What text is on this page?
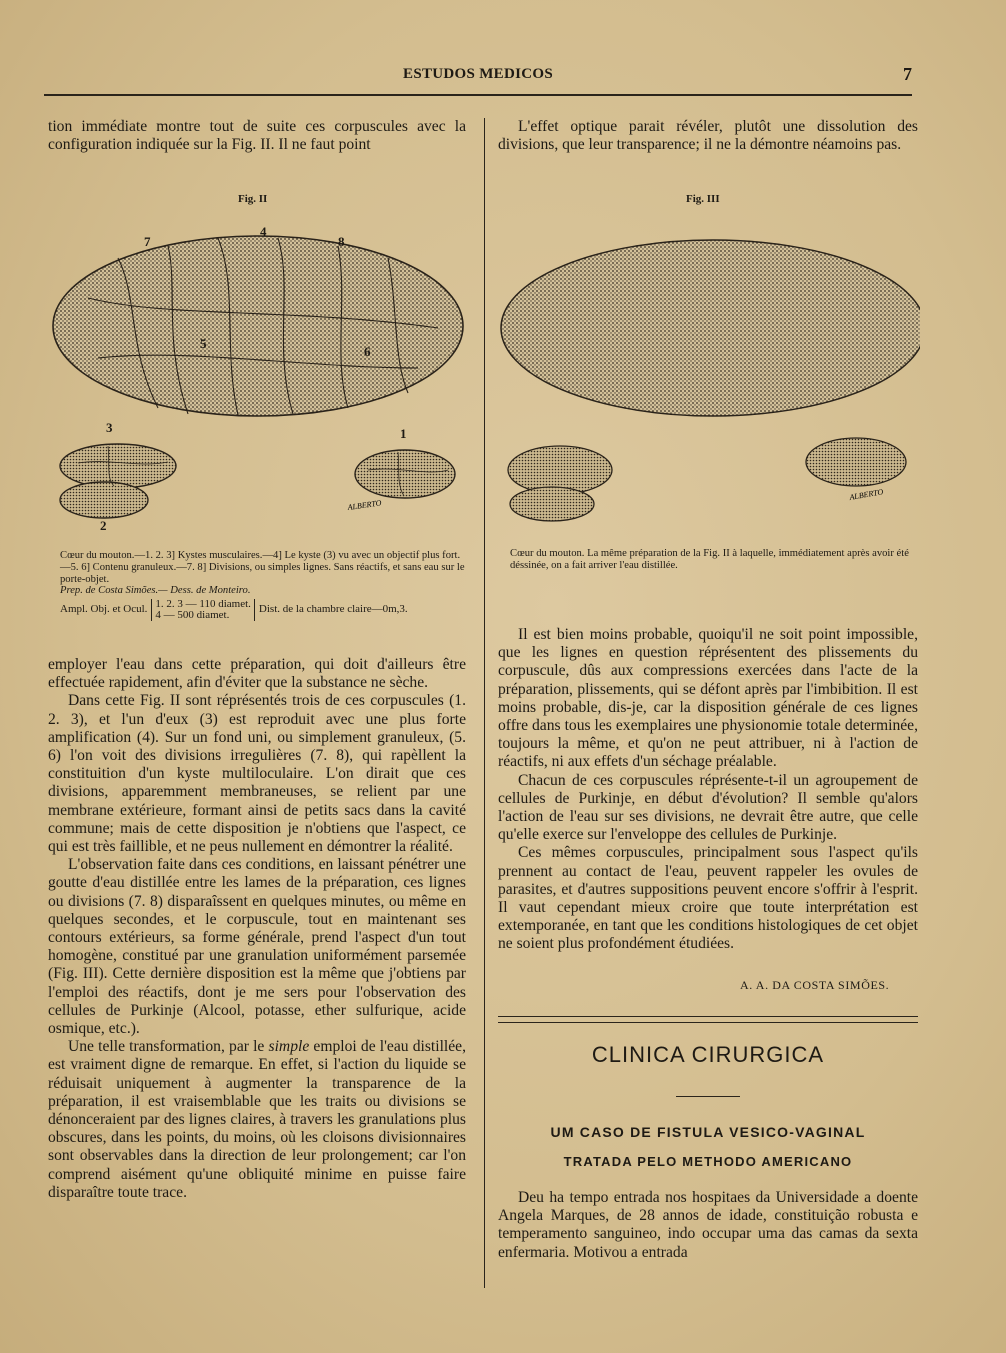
ESTUDOS MEDICOS	7

tion immédiate montre tout de suite ces corpuscules avec la configuration indiquée sur la Fig. II. Il ne faut point

Fig. II
7
4
8
5
6
3	1
2
ALBERTO

Cœur du mouton.—1. 2. 3] Kystes musculaires.—4] Le kyste (3) vu avec un objectif plus fort.—5. 6] Contenu granuleux.—7. 8] Divisions, ou simples lignes. Sans réactifs, et sans eau sur le porte-objet.

Prep. de Costa Simões.— Dess. de Monteiro.

Ampl. Obj. et Ocul. 1. 2. 3 — 110 diamet.
4 — 500 diamet.	Dist. de la chambre claire—0m,3.

employer l'eau dans cette préparation, qui doit d'ailleurs être effectuée rapidement, afin d'éviter que la substance ne sèche.

Dans cette Fig. II sont réprésentés trois de ces corpuscules (1. 2. 3), et l'un d'eux (3) est reproduit avec une plus forte amplification (4). Sur un fond uni, ou simplement granuleux, (5. 6) l'on voit des divisions irregulières (7. 8), qui rapèllent la constituition d'un kyste multiloculaire. L'on dirait que ces divisions, apparemment membraneuses, se relient par une membrane extérieure, formant ainsi de petits sacs dans la cavité commune; mais de cette disposition je n'obtiens que l'aspect, ce qui est très faillible, et ne peus nullement en démontrer la réalité.

L'observation faite dans ces conditions, en laissant pénétrer une goutte d'eau distillée entre les lames de la préparation, ces lignes ou divisions (7. 8) disparaîssent en quelques minutes, ou même en quelques secondes, et le corpuscule, tout en maintenant ses contours extérieurs, sa forme générale, prend l'aspect d'un tout homogène, constitué par une granulation uniformément parsemée (Fig. III). Cette dernière disposition est la même que j'obtiens par l'emploi des réactifs, dont je me sers pour l'observation des cellules de Purkinje (Alcool, potasse, ether sulfurique, acide osmique, etc.).

Une telle transformation, par le simple emploi de l'eau distillée, est vraiment digne de remarque. En effet, si l'action du liquide se réduisait uniquement à augmenter la transparence de la préparation, il est vraisemblable que les traits ou divisions se dénonceraient par des lignes claires, à travers les granulations plus obscures, dans les points, du moins, où les cloisons divisionnaires sont observables dans la direction de leur prolongement; car l'on comprend aisément qu'une obliquité minime en puisse faire disparaître toute trace.

L'effet optique parait révéler, plutôt une dissolution des divisions, que leur transparence; il ne la démontre néamoins pas.

Fig. III
ALBERTO

Cœur du mouton. La même préparation de la Fig. II à laquelle, immédiatement après avoir été déssinée, on a fait arriver l'eau distillée.

Il est bien moins probable, quoiqu'il ne soit point impossible, que les lignes en question réprésentent des plissements du corpuscule, dûs aux compressions exercées dans l'acte de la préparation, plissements, qui se défont après par l'imbibition. Il est moins probable, dis-je, car la disposition générale de ces lignes offre dans tous les exemplaires une physionomie totale determinée, toujours la même, et qu'on ne peut attribuer, ni à l'action de réactifs, ni aux effets d'un séchage préalable.

Chacun de ces corpuscules réprésente-t-il un agroupement de cellules de Purkinje, en début d'évolution? Il semble qu'alors l'action de l'eau sur ses divisions, ne devrait être autre, que celle qu'elle exerce sur l'enveloppe des cellules de Purkinje.

Ces mêmes corpuscules, principalment sous l'aspect qu'ils prennent au contact de l'eau, peuvent rappeler les ovules de parasites, et d'autres suppositions peuvent encore s'offrir à l'esprit. Il vaut cependant mieux croire que toute interprétation est extemporanée, en tant que les conditions histologiques de cet objet ne soient plus profondément étudiées.

A. A. DA COSTA SIMÕES.
CLINICA CIRURGICA
UM CASO DE FISTULA VESICO-VAGINAL
TRATADA PELO METHODO AMERICANO

Deu ha tempo entrada nos hospitaes da Universidade a doente Angela Marques, de 28 annos de idade, constituição robusta e temperamento sanguineo, indo occupar uma das camas da sexta enfermaria. Motivou a entrada
